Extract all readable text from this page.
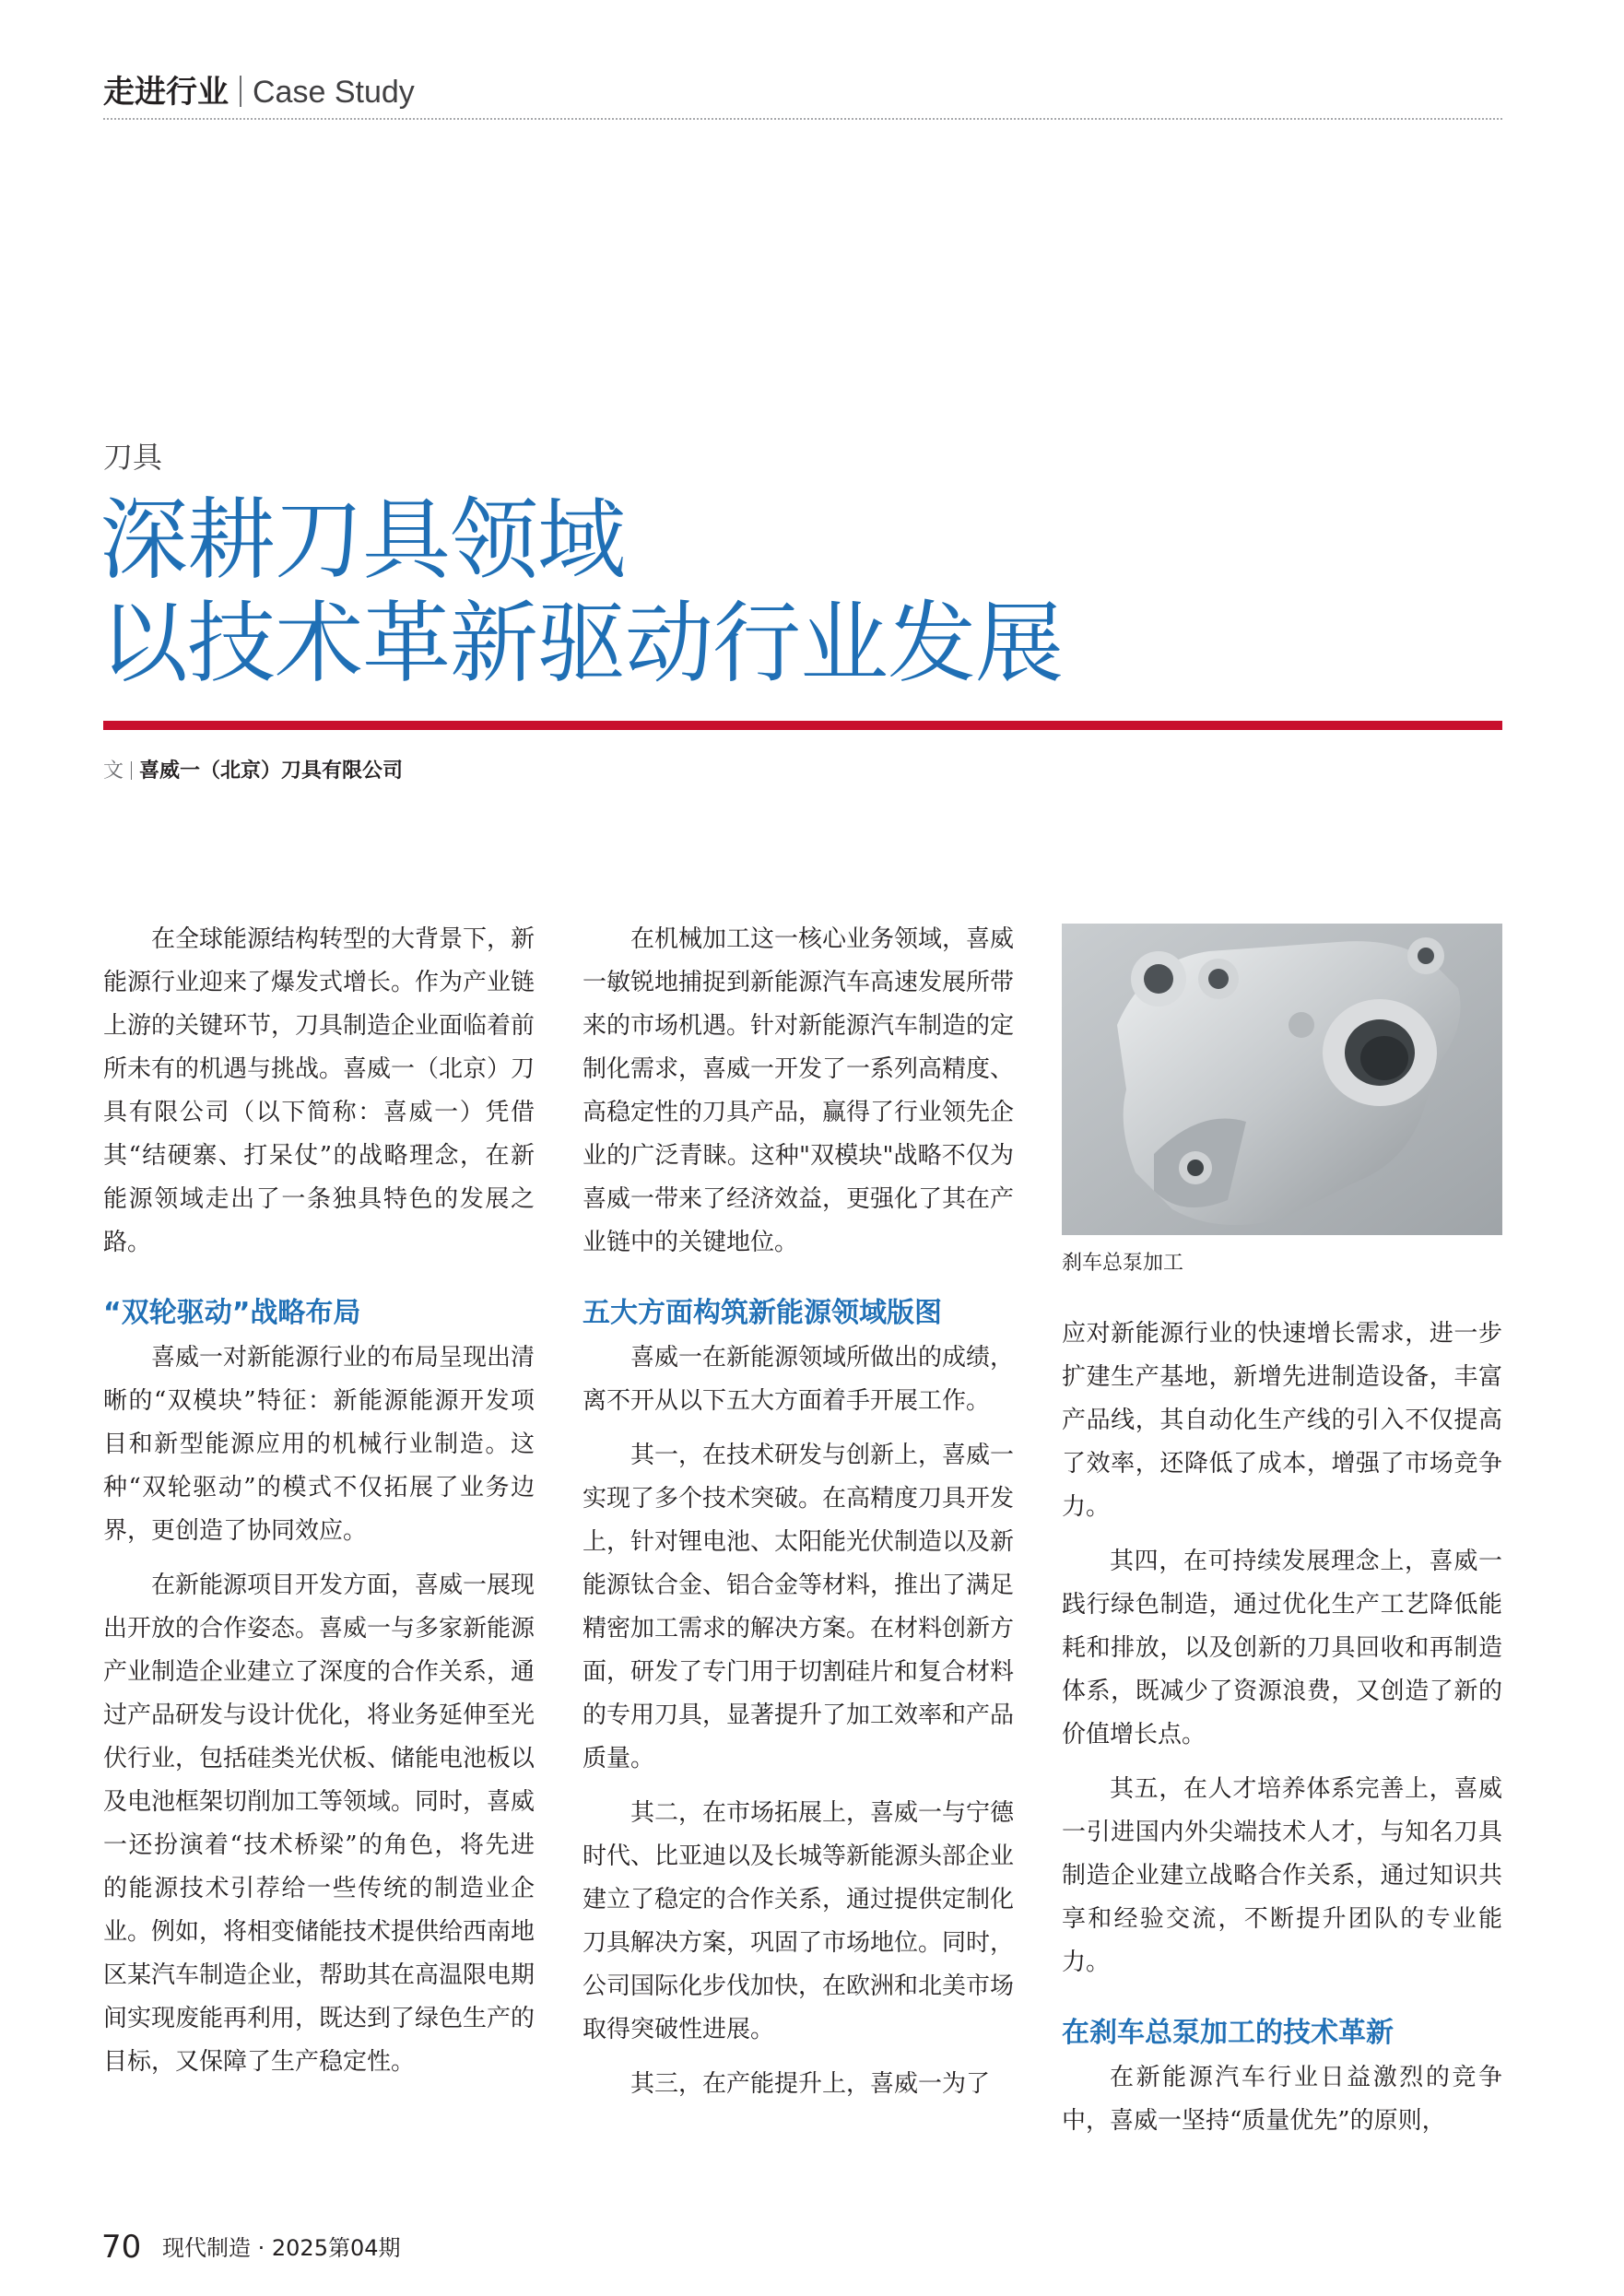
走进行业 Case Study
刀具
深耕刀具领域
以技术革新驱动行业发展
文 喜威一（北京）刀具有限公司

在全球能源结构转型的大背景下，新能源行业迎来了爆发式增长。作为产业链上游的关键环节，刀具制造企业面临着前所未有的机遇与挑战。喜威一（北京）刀具有限公司（以下简称：喜威一）凭借其“结硬寨、打呆仗”的战略理念，在新能源领域走出了一条独具特色的发展之路。

“双轮驱动”战略布局

喜威一对新能源行业的布局呈现出清晰的“双模块”特征：新能源能源开发项目和新型能源应用的机械行业制造。这种“双轮驱动”的模式不仅拓展了业务边界，更创造了协同效应。

在新能源项目开发方面，喜威一展现出开放的合作姿态。喜威一与多家新能源产业制造企业建立了深度的合作关系，通过产品研发与设计优化，将业务延伸至光伏行业，包括硅类光伏板、储能电池板以及电池框架切削加工等领域。同时，喜威一还扮演着“技术桥梁”的角色，将先进的能源技术引荐给一些传统的制造业企业。例如，将相变储能技术提供给西南地区某汽车制造企业，帮助其在高温限电期间实现废能再利用，既达到了绿色生产的目标，又保障了生产稳定性。

在机械加工这一核心业务领域，喜威一敏锐地捕捉到新能源汽车高速发展所带来的市场机遇。针对新能源汽车制造的定制化需求，喜威一开发了一系列高精度、高稳定性的刀具产品，赢得了行业领先企业的广泛青睐。这种"双模块"战略不仅为喜威一带来了经济效益，更强化了其在产业链中的关键地位。

五大方面构筑新能源领域版图

喜威一在新能源领域所做出的成绩，离不开从以下五大方面着手开展工作。

其一，在技术研发与创新上，喜威一实现了多个技术突破。在高精度刀具开发上，针对锂电池、太阳能光伏制造以及新能源钛合金、铝合金等材料，推出了满足精密加工需求的解决方案。在材料创新方面，研发了专门用于切割硅片和复合材料的专用刀具，显著提升了加工效率和产品质量。

其二，在市场拓展上，喜威一与宁德时代、比亚迪以及长城等新能源头部企业建立了稳定的合作关系，通过提供定制化刀具解决方案，巩固了市场地位。同时，公司国际化步伐加快，在欧洲和北美市场取得突破性进展。

其三，在产能提升上，喜威一为了

刹车总泵加工

应对新能源行业的快速增长需求，进一步扩建生产基地，新增先进制造设备，丰富产品线，其自动化生产线的引入不仅提高了效率，还降低了成本，增强了市场竞争力。

其四，在可持续发展理念上，喜威一践行绿色制造，通过优化生产工艺降低能耗和排放，以及创新的刀具回收和再制造体系，既减少了资源浪费，又创造了新的价值增长点。

其五，在人才培养体系完善上，喜威一引进国内外尖端技术人才，与知名刀具制造企业建立战略合作关系，通过知识共享和经验交流，不断提升团队的专业能力。

在刹车总泵加工的技术革新

在新能源汽车行业日益激烈的竞争中，喜威一坚持“质量优先”的原则，

70 现代制造 · 2025第04期
